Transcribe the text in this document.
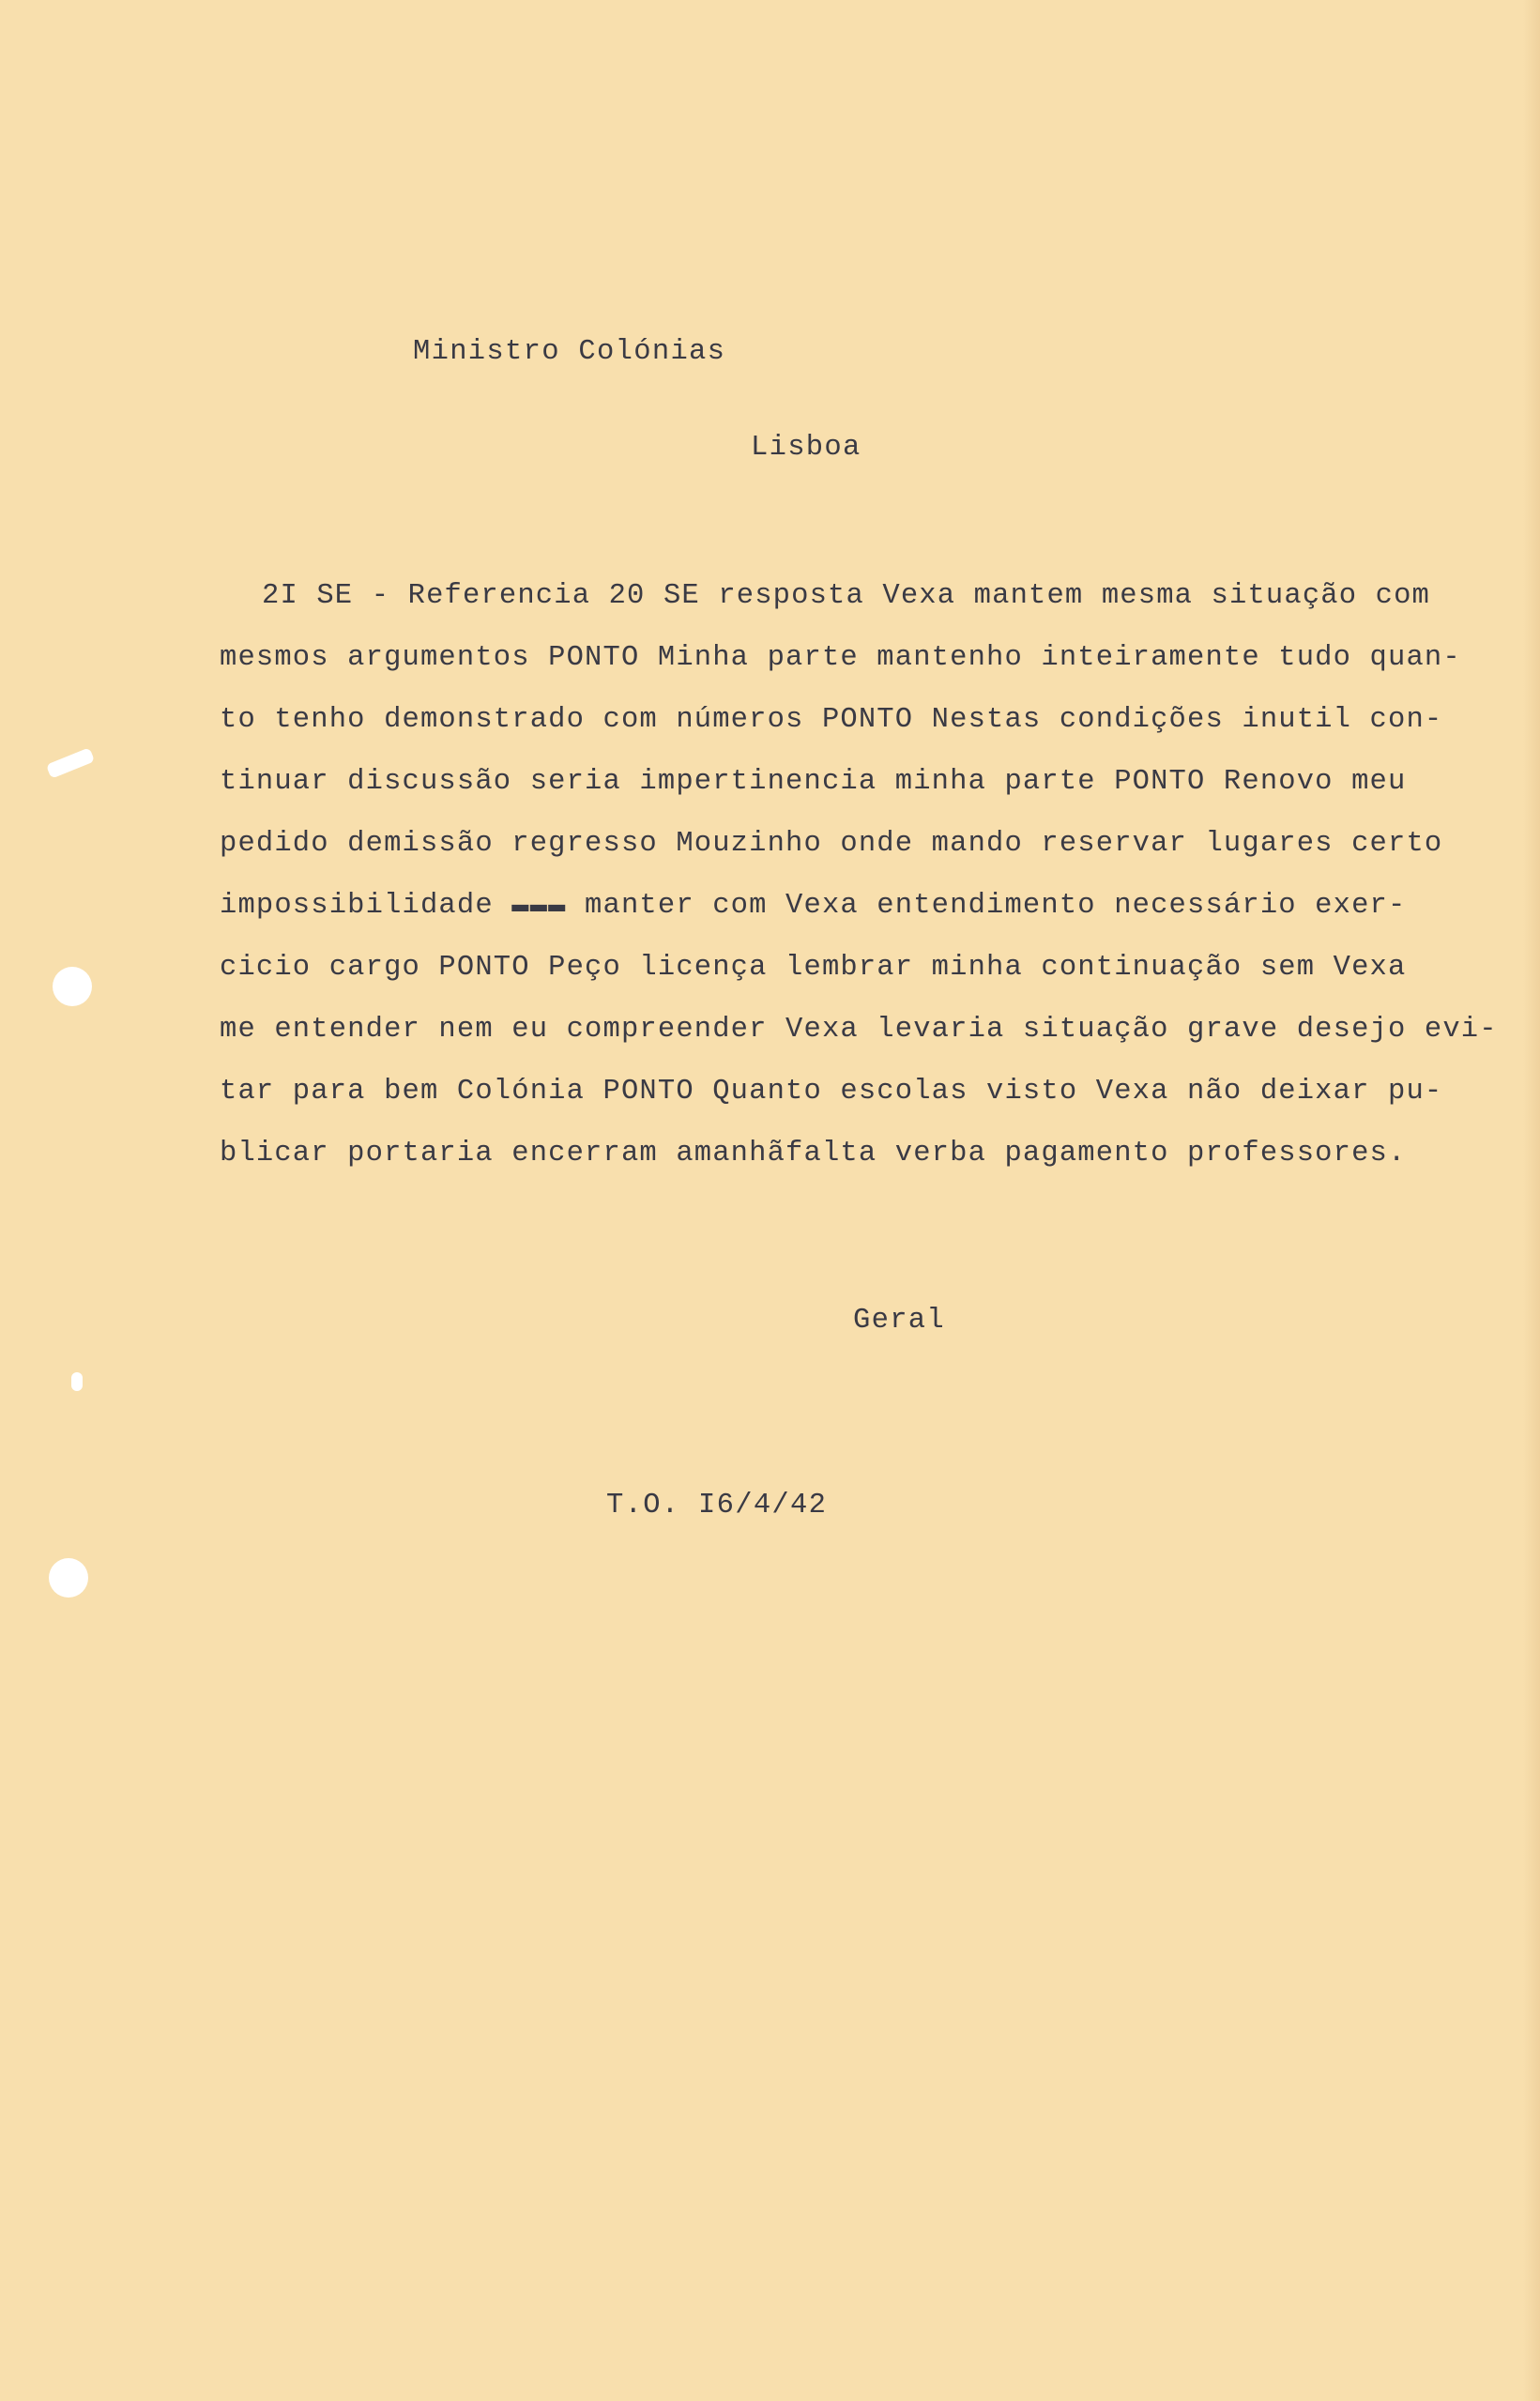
Ministro Colónias
Lisboa
2I SE - Referencia 20 SE resposta Vexa mantem mesma situação com
mesmos argumentos PONTO Minha parte mantenho inteiramente tudo quan-
to tenho demonstrado com números PONTO Nestas condições inutil con-
tinuar discussão seria impertinencia minha parte PONTO Renovo meu
pedido demissão regresso Mouzinho onde mando reservar lugares certo
impossibilidade ▬▬▬ manter com Vexa entendimento necessário exer-
cicio cargo PONTO Peço licença lembrar minha continuação sem Vexa
me entender nem eu compreender Vexa levaria situação grave desejo evi-
tar para bem Colónia PONTO Quanto escolas visto Vexa não deixar pu-
blicar portaria encerram amanhãfalta verba pagamento professores.
Geral
T.O. I6/4/42
